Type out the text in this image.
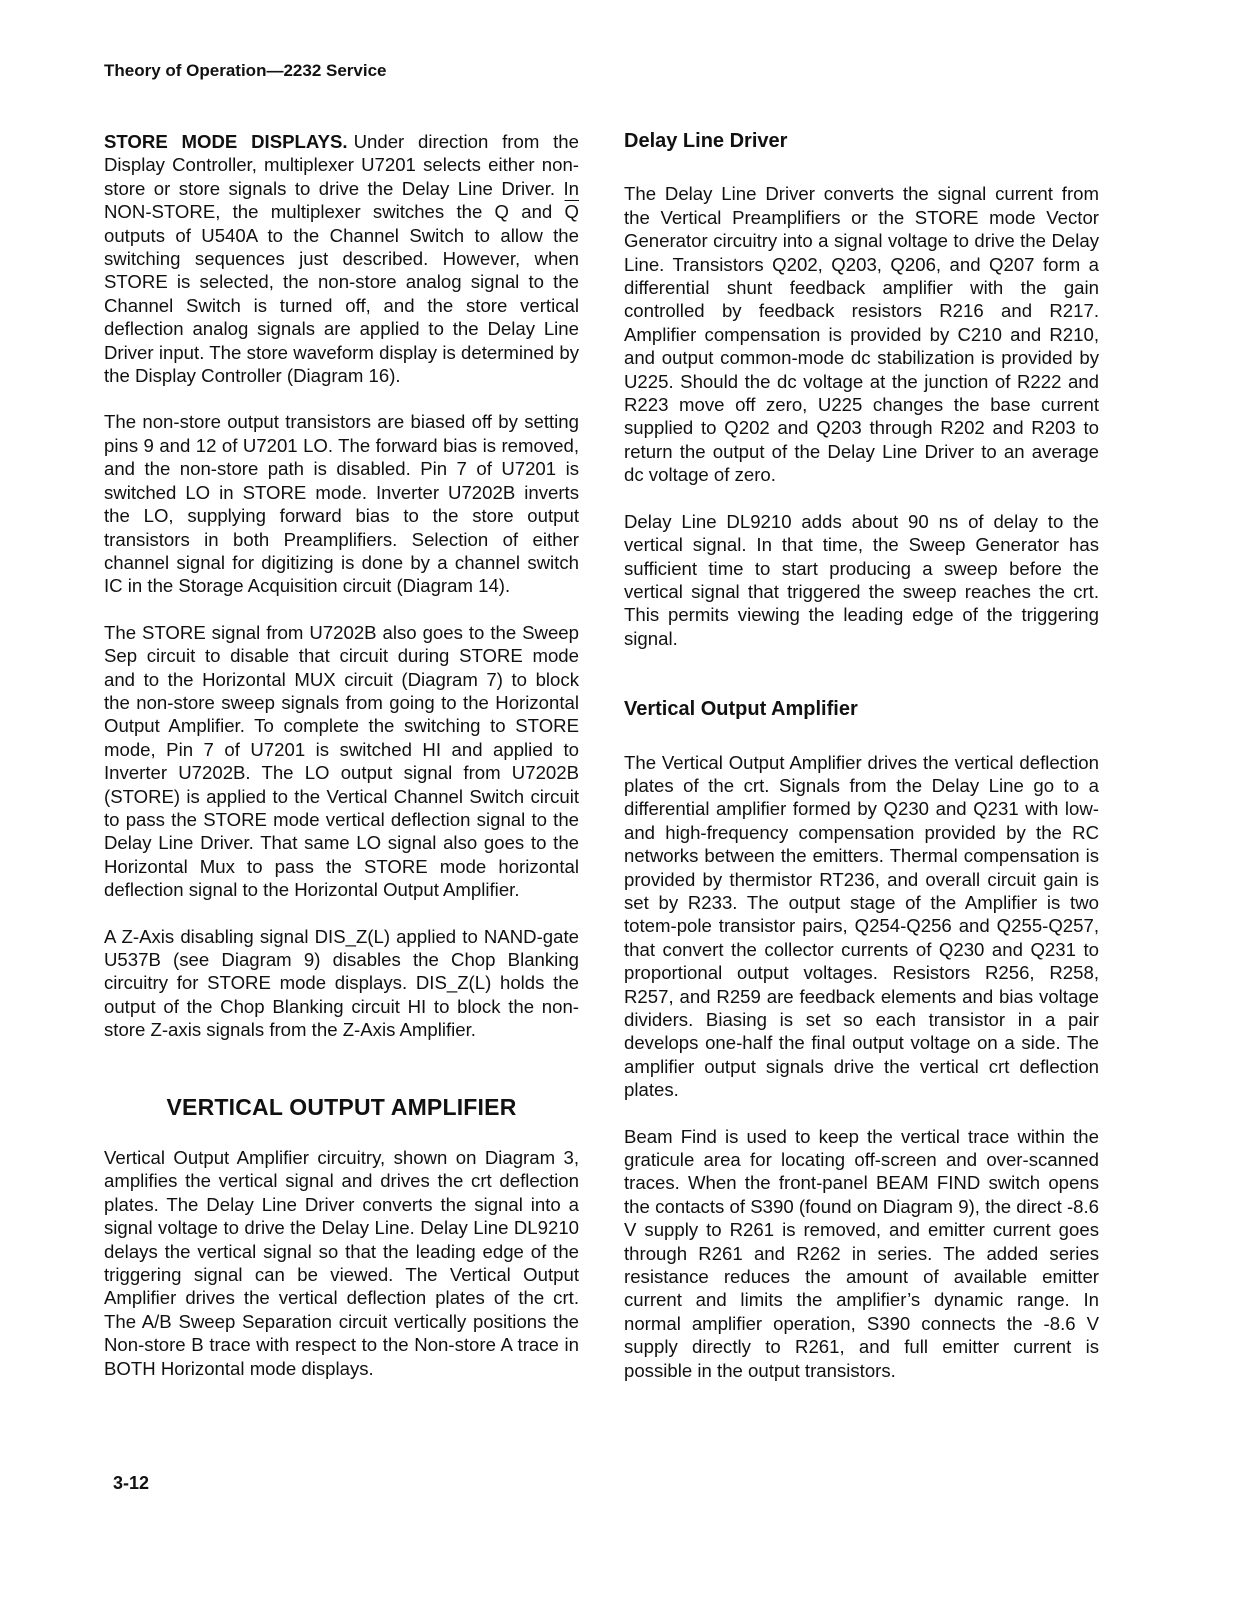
Theory of Operation—2232 Service

STORE MODE DISPLAYS. Under direction from the Display Controller, multiplexer U7201 selects either non-store or store signals to drive the Delay Line Driver. In NON-STORE, the multiplexer switches the Q and $\overline{Q}$ outputs of U540A to the Channel Switch to allow the switching sequences just described. However, when STORE is selected, the non-store analog signal to the Channel Switch is turned off, and the store vertical deflection analog signals are applied to the Delay Line Driver input. The store waveform display is determined by the Display Controller (Diagram 16).

The non-store output transistors are biased off by setting pins 9 and 12 of U7201 LO. The forward bias is removed, and the non-store path is disabled. Pin 7 of U7201 is switched LO in STORE mode. Inverter U7202B inverts the LO, supplying forward bias to the store output transistors in both Preamplifiers. Selection of either channel signal for digitizing is done by a channel switch IC in the Storage Acquisition circuit (Diagram 14).

The STORE signal from U7202B also goes to the Sweep Sep circuit to disable that circuit during STORE mode and to the Horizontal MUX circuit (Diagram 7) to block the non-store sweep signals from going to the Horizontal Output Amplifier. To complete the switching to STORE mode, Pin 7 of U7201 is switched HI and applied to Inverter U7202B. The LO output signal from U7202B (STORE) is applied to the Vertical Channel Switch circuit to pass the STORE mode vertical deflection signal to the Delay Line Driver. That same LO signal also goes to the Horizontal Mux to pass the STORE mode horizontal deflection signal to the Horizontal Output Amplifier.

A Z-Axis disabling signal DIS_Z(L) applied to NAND-gate U537B (see Diagram 9) disables the Chop Blanking circuitry for STORE mode displays. DIS_Z(L) holds the output of the Chop Blanking circuit HI to block the non-store Z-axis signals from the Z-Axis Amplifier.

VERTICAL OUTPUT AMPLIFIER

Vertical Output Amplifier circuitry, shown on Diagram 3, amplifies the vertical signal and drives the crt deflection plates. The Delay Line Driver converts the signal into a signal voltage to drive the Delay Line. Delay Line DL9210 delays the vertical signal so that the leading edge of the triggering signal can be viewed. The Vertical Output Amplifier drives the vertical deflection plates of the crt. The A/B Sweep Separation circuit vertically positions the Non-store B trace with respect to the Non-store A trace in BOTH Horizontal mode displays.

Delay Line Driver

The Delay Line Driver converts the signal current from the Vertical Preamplifiers or the STORE mode Vector Generator circuitry into a signal voltage to drive the Delay Line. Transistors Q202, Q203, Q206, and Q207 form a differential shunt feedback amplifier with the gain controlled by feedback resistors R216 and R217. Amplifier compensation is provided by C210 and R210, and output common-mode dc stabilization is provided by U225. Should the dc voltage at the junction of R222 and R223 move off zero, U225 changes the base current supplied to Q202 and Q203 through R202 and R203 to return the output of the Delay Line Driver to an average dc voltage of zero.

Delay Line DL9210 adds about 90 ns of delay to the vertical signal. In that time, the Sweep Generator has sufficient time to start producing a sweep before the vertical signal that triggered the sweep reaches the crt. This permits viewing the leading edge of the triggering signal.

Vertical Output Amplifier

The Vertical Output Amplifier drives the vertical deflection plates of the crt. Signals from the Delay Line go to a differential amplifier formed by Q230 and Q231 with low- and high-frequency compensation provided by the RC networks between the emitters. Thermal compensation is provided by thermistor RT236, and overall circuit gain is set by R233. The output stage of the Amplifier is two totem-pole transistor pairs, Q254-Q256 and Q255-Q257, that convert the collector currents of Q230 and Q231 to proportional output voltages. Resistors R256, R258, R257, and R259 are feedback elements and bias voltage dividers. Biasing is set so each transistor in a pair develops one-half the final output voltage on a side. The amplifier output signals drive the vertical crt deflection plates.

Beam Find is used to keep the vertical trace within the graticule area for locating off-screen and over-scanned traces. When the front-panel BEAM FIND switch opens the contacts of S390 (found on Diagram 9), the direct -8.6 V supply to R261 is removed, and emitter current goes through R261 and R262 in series. The added series resistance reduces the amount of available emitter current and limits the amplifier’s dynamic range. In normal amplifier operation, S390 connects the -8.6 V supply directly to R261, and full emitter current is possible in the output transistors.

3-12
